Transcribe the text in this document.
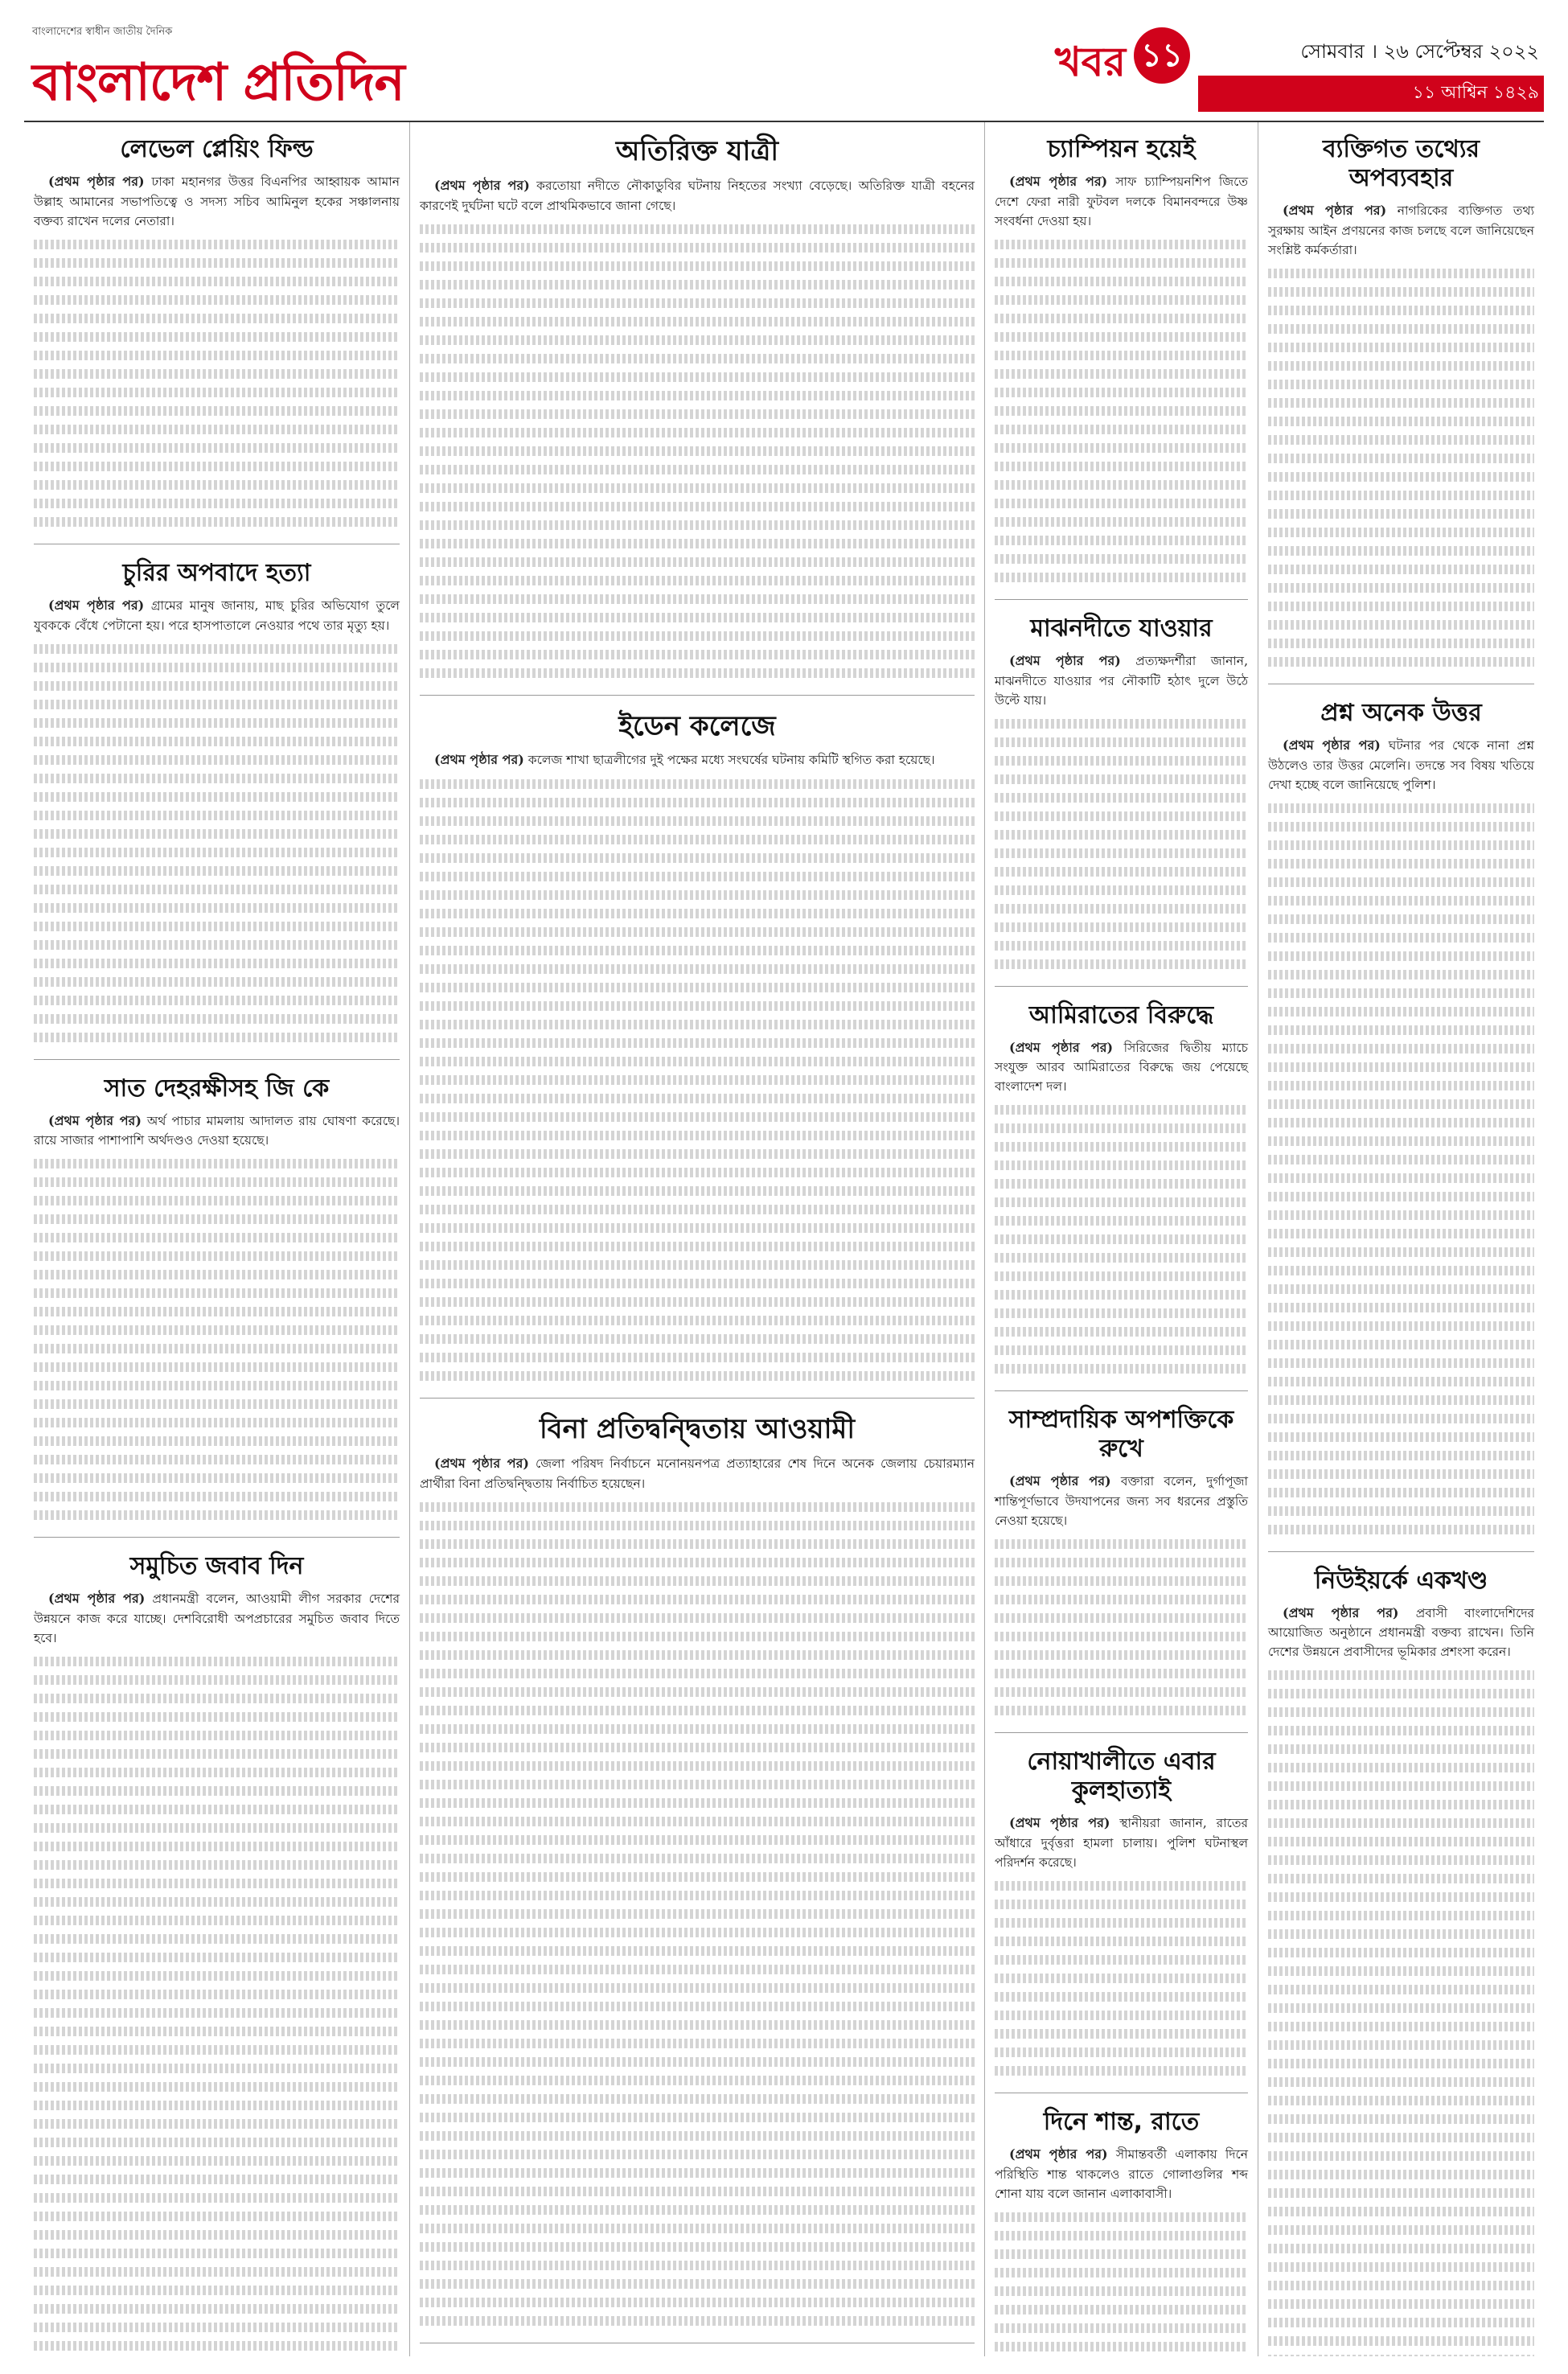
বাংলাদেশের স্বাধীন জাতীয় দৈনিক
বাংলাদেশ প্রতিদিন	খবর ১১	সোমবার । ২৬ সেপ্টেম্বর ২০২২
১১ আশ্বিন ১৪২৯
লেভেল প্লেয়িং ফিল্ড

(প্রথম পৃষ্ঠার পর) ঢাকা মহানগর উত্তর বিএনপির আহ্বায়ক আমান উল্লাহ আমানের সভাপতিত্বে ও সদস্য সচিব আমিনুল হকের সঞ্চালনায় বক্তব্য রাখেন দলের নেতারা।

চুরির অপবাদে হত্যা

(প্রথম পৃষ্ঠার পর) গ্রামের মানুষ জানায়, মাছ চুরির অভিযোগ তুলে যুবককে বেঁধে পেটানো হয়। পরে হাসপাতালে নেওয়ার পথে তার মৃত্যু হয়।

সাত দেহরক্ষীসহ জি কে

(প্রথম পৃষ্ঠার পর) অর্থ পাচার মামলায় আদালত রায় ঘোষণা করেছে। রায়ে সাজার পাশাপাশি অর্থদণ্ডও দেওয়া হয়েছে।

সমুচিত জবাব দিন

(প্রথম পৃষ্ঠার পর) প্রধানমন্ত্রী বলেন, আওয়ামী লীগ সরকার দেশের উন্নয়নে কাজ করে যাচ্ছে। দেশবিরোধী অপপ্রচারের সমুচিত জবাব দিতে হবে।

অতিরিক্ত যাত্রী

(প্রথম পৃষ্ঠার পর) করতোয়া নদীতে নৌকাডুবির ঘটনায় নিহতের সংখ্যা বেড়েছে। অতিরিক্ত যাত্রী বহনের কারণেই দুর্ঘটনা ঘটে বলে প্রাথমিকভাবে জানা গেছে।

ইডেন কলেজে

(প্রথম পৃষ্ঠার পর) কলেজ শাখা ছাত্রলীগের দুই পক্ষের মধ্যে সংঘর্ষের ঘটনায় কমিটি স্থগিত করা হয়েছে।

বিনা প্রতিদ্বন্দ্বিতায় আওয়ামী

(প্রথম পৃষ্ঠার পর) জেলা পরিষদ নির্বাচনে মনোনয়নপত্র প্রত্যাহারের শেষ দিনে অনেক জেলায় চেয়ারম্যান প্রার্থীরা বিনা প্রতিদ্বন্দ্বিতায় নির্বাচিত হয়েছেন।

চ্যাম্পিয়ন হয়েই

(প্রথম পৃষ্ঠার পর) সাফ চ্যাম্পিয়নশিপ জিতে দেশে ফেরা নারী ফুটবল দলকে বিমানবন্দরে উষ্ণ সংবর্ধনা দেওয়া হয়।

মাঝনদীতে যাওয়ার

(প্রথম পৃষ্ঠার পর) প্রত্যক্ষদর্শীরা জানান, মাঝনদীতে যাওয়ার পর নৌকাটি হঠাৎ দুলে উঠে উল্টে যায়।

আমিরাতের বিরুদ্ধে

(প্রথম পৃষ্ঠার পর) সিরিজের দ্বিতীয় ম্যাচে সংযুক্ত আরব আমিরাতের বিরুদ্ধে জয় পেয়েছে বাংলাদেশ দল।

সাম্প্রদায়িক অপশক্তিকে রুখে

(প্রথম পৃষ্ঠার পর) বক্তারা বলেন, দুর্গাপূজা শান্তিপূর্ণভাবে উদযাপনের জন্য সব ধরনের প্রস্তুতি নেওয়া হয়েছে।

নোয়াখালীতে এবার কুলহাত্যাই

(প্রথম পৃষ্ঠার পর) স্থানীয়রা জানান, রাতের আঁধারে দুর্বৃত্তরা হামলা চালায়। পুলিশ ঘটনাস্থল পরিদর্শন করেছে।

দিনে শান্ত, রাতে

(প্রথম পৃষ্ঠার পর) সীমান্তবর্তী এলাকায় দিনে পরিস্থিতি শান্ত থাকলেও রাতে গোলাগুলির শব্দ শোনা যায় বলে জানান এলাকাবাসী।

ব্যক্তিগত তথ্যের অপব্যবহার

(প্রথম পৃষ্ঠার পর) নাগরিকের ব্যক্তিগত তথ্য সুরক্ষায় আইন প্রণয়নের কাজ চলছে বলে জানিয়েছেন সংশ্লিষ্ট কর্মকর্তারা।

প্রশ্ন অনেক উত্তর

(প্রথম পৃষ্ঠার পর) ঘটনার পর থেকে নানা প্রশ্ন উঠলেও তার উত্তর মেলেনি। তদন্তে সব বিষয় খতিয়ে দেখা হচ্ছে বলে জানিয়েছে পুলিশ।

নিউইয়র্কে একখণ্ড

(প্রথম পৃষ্ঠার পর) প্রবাসী বাংলাদেশিদের আয়োজিত অনুষ্ঠানে প্রধানমন্ত্রী বক্তব্য রাখেন। তিনি দেশের উন্নয়নে প্রবাসীদের ভূমিকার প্রশংসা করেন।
